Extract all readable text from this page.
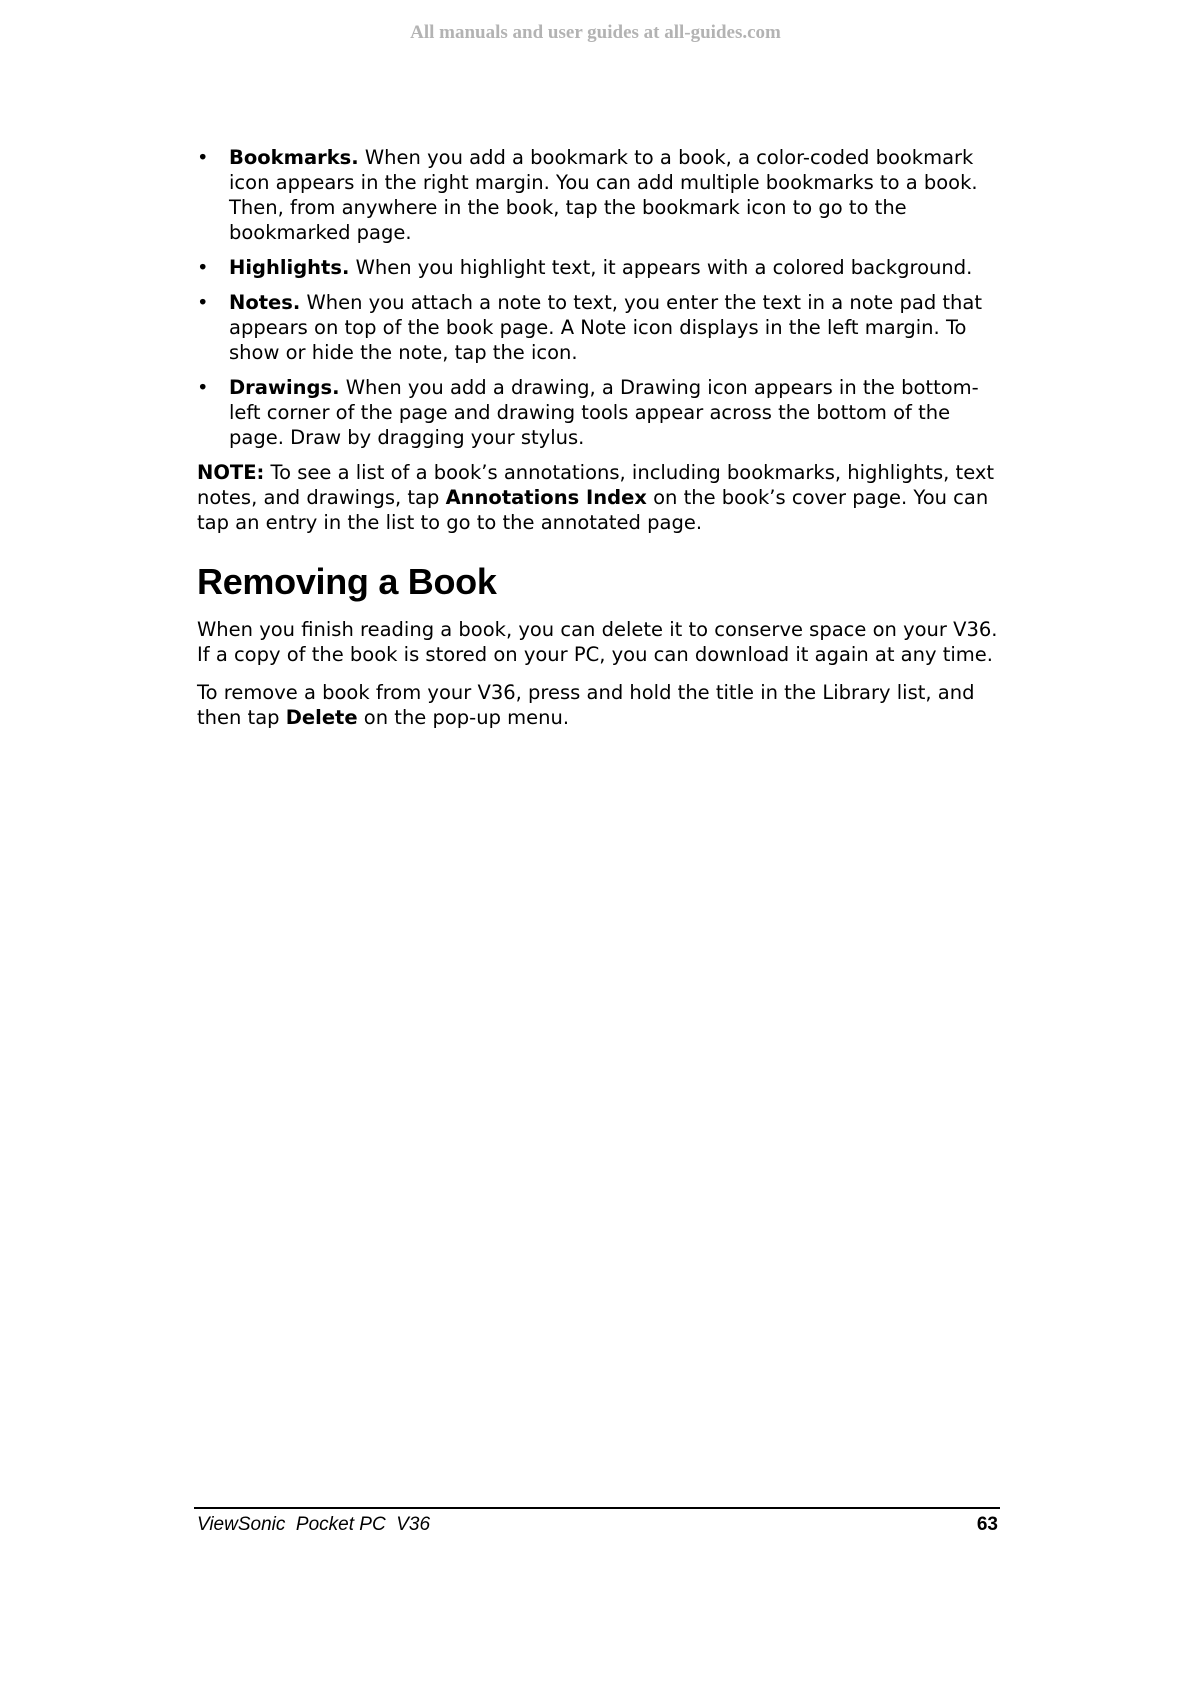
All manuals and user guides at all-guides.com
• Bookmarks. When you add a bookmark to a book, a color-coded bookmark icon appears in the right margin. You can add multiple bookmarks to a book. Then, from anywhere in the book, tap the bookmark icon to go to the bookmarked page.
• Highlights. When you highlight text, it appears with a colored background.
• Notes. When you attach a note to text, you enter the text in a note pad that appears on top of the book page. A Note icon displays in the left margin. To show or hide the note, tap the icon.
• Drawings. When you add a drawing, a Drawing icon appears in the bottom-left corner of the page and drawing tools appear across the bottom of the page. Draw by dragging your stylus.

NOTE: To see a list of a book’s annotations, including bookmarks, highlights, text notes, and drawings, tap Annotations Index on the book’s cover page. You can tap an entry in the list to go to the annotated page.

Removing a Book

When you finish reading a book, you can delete it to conserve space on your V36. If a copy of the book is stored on your PC, you can download it again at any time.

To remove a book from your V36, press and hold the title in the Library list, and then tap Delete on the pop-up menu.

ViewSonic  Pocket PC  V36	63
